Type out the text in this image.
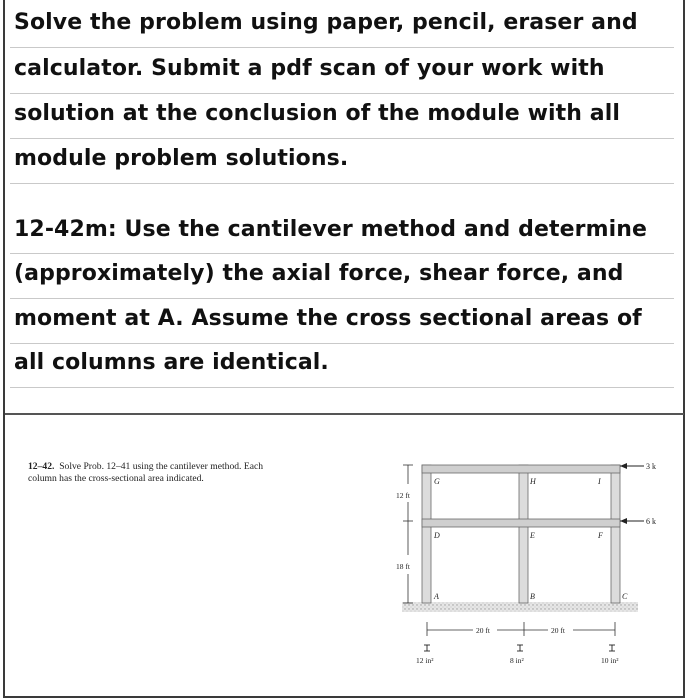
Solve the problem using paper, pencil, eraser and
calculator. Submit a pdf scan of your work with
solution at the conclusion of the module with all
module problem solutions.
12-42m: Use the cantilever method and determine
(approximately) the axial force, shear force, and
moment at A. Assume the cross sectional areas of
all columns are identical.
12–42. Solve Prob. 12–41 using the cantilever method. Each
column has the cross-sectional area indicated.	G	H	I
D	E	F
A	B	C
3 k
6 k
12 ft
18 ft
20 ft	20 ft
12 in²	8 in²	10 in²
